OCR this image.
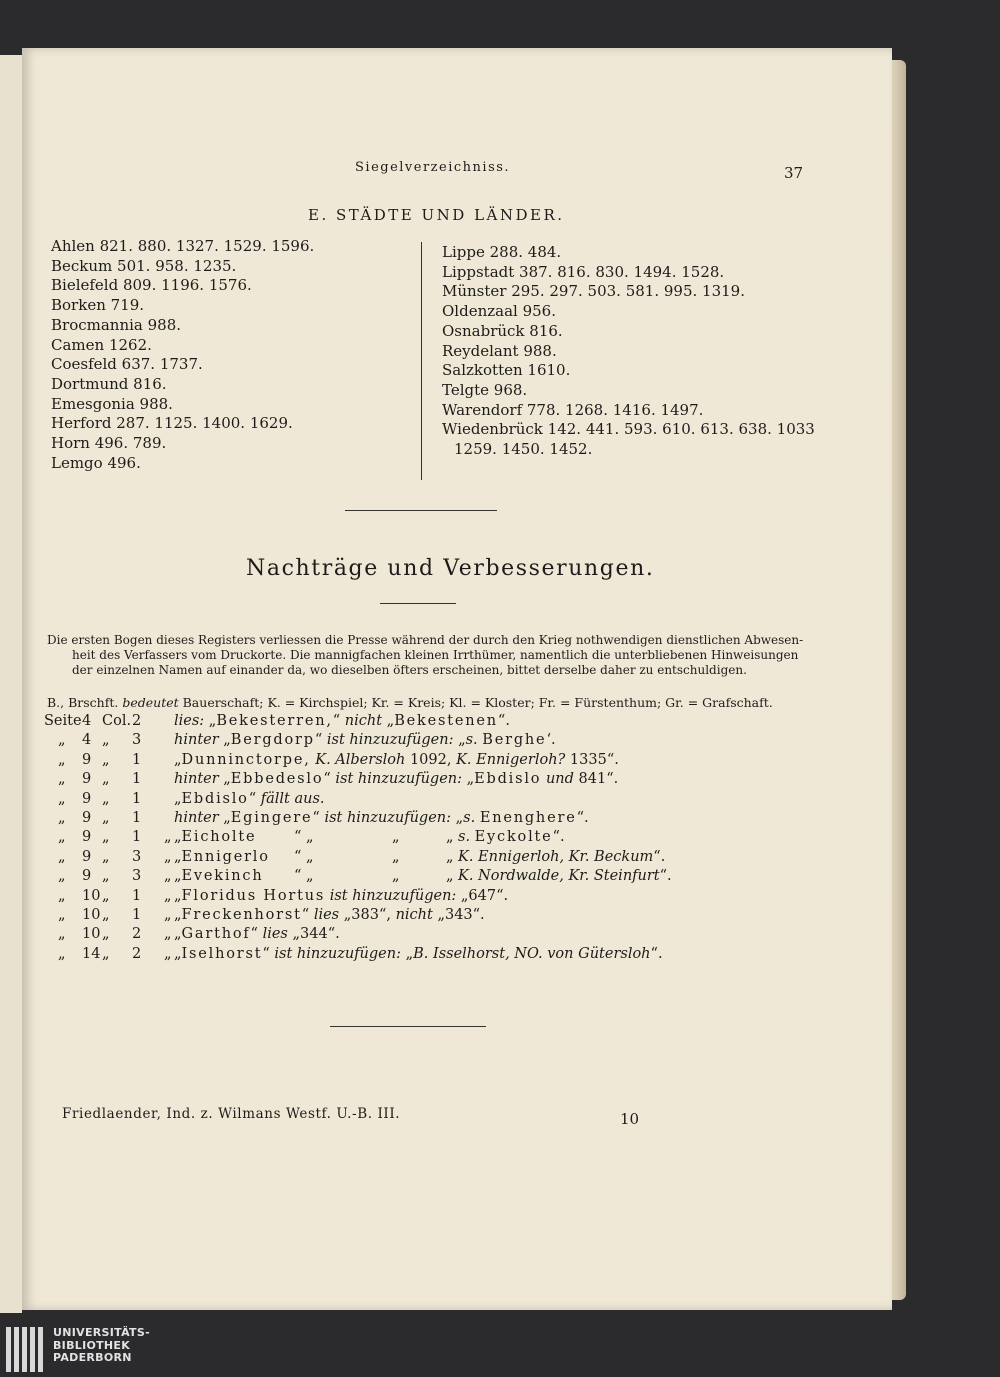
Siegelverzeichniss.	37
E. STÄDTE UND LÄNDER.
Ahlen 821. 880. 1327. 1529. 1596.
Beckum 501. 958. 1235.
Bielefeld 809. 1196. 1576.
Borken 719.
Brocmannia 988.
Camen 1262.
Coesfeld 637. 1737.
Dortmund 816.
Emesgonia 988.
Herford 287. 1125. 1400. 1629.
Horn 496. 789.
Lemgo 496.
Lippe 288. 484.
Lippstadt 387. 816. 830. 1494. 1528.
Münster 295. 297. 503. 581. 995. 1319.
Oldenzaal 956.
Osnabrück 816.
Reydelant 988.
Salzkotten 1610.
Telgte 968.
Warendorf 778. 1268. 1416. 1497.
Wiedenbrück 142. 441. 593. 610. 613. 638. 1033
1259. 1450. 1452.
Nachträge und Verbesserungen.
Die ersten Bogen dieses Registers verliessen die Presse während der durch den Krieg nothwendigen dienstlichen Abwesen-
heit des Verfassers vom Druckorte. Die mannigfachen kleinen Irrthümer, namentlich die unterbliebenen Hinweisungen
der einzelnen Namen auf einander da, wo dieselben öfters erscheinen, bittet derselbe daher zu entschuldigen.
B., Brschft. bedeutet Bauerschaft; K. = Kirchspiel; Kr. = Kreis; Kl. = Kloster; Fr. = Fürstenthum; Gr. = Grafschaft.
Seite 4 Col. 2 lies: „Bekesterren,“ nicht „Bekestenen“.
„ 4 „ 3 hinter „Bergdorp“ ist hinzuzufügen: „s. Berghe‘.
„ 9 „ 1 „Dunninctorpe, K. Albersloh 1092, K. Ennigerloh? 1335“.
„ 9 „ 1 hinter „Ebbedeslo“ ist hinzuzufügen: „Ebdislo und 841“.
„ 9 „ 1 „Ebdislo“ fällt aus.
„ 9 „ 1 hinter „Egingere“ ist hinzuzufügen: „s. Enenghere“.
„ 9 „ 1 „ „Eicholte	“ „	„	„ s. Eyckolte“.
„ 9 „ 3 „ „Ennigerlo “ „	„	„ K. Ennigerloh, Kr. Beckum“.
„ 9 „ 3 „ „Evekinch “ „	„	„ K. Nordwalde, Kr. Steinfurt“.
„ 10 „ 1 „ „Floridus Hortus ist hinzuzufügen: „647“.
„ 10 „ 1 „ „Freckenhorst“ lies „383“, nicht „343“.
„ 10 „ 2 „ „Garthof“ lies „344“.
„ 14 „ 2 „ „Iselhorst“ ist hinzuzufügen: „B. Isselhorst, NO. von Gütersloh“.
Friedlaender, Ind. z. Wilmans Westf. U.-B. III.	10
UNIVERSITÄTS-
BIBLIOTHEK
PADERBORN
